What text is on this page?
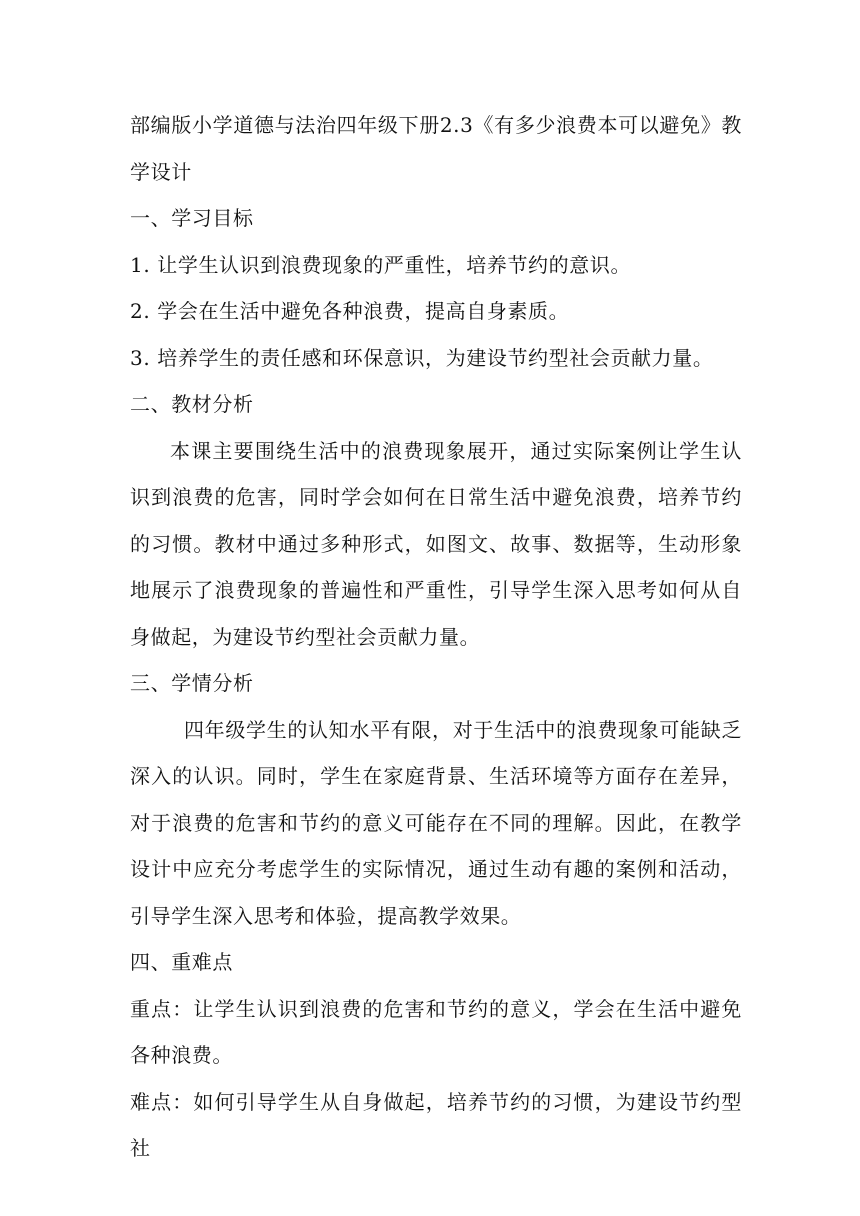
部编版小学道德与法治四年级下册2.3《有多少浪费本可以避免》教学设计

一、学习目标

1. 让学生认识到浪费现象的严重性，培养节约的意识。

2. 学会在生活中避免各种浪费，提高自身素质。

3. 培养学生的责任感和环保意识，为建设节约型社会贡献力量。

二、教材分析

本课主要围绕生活中的浪费现象展开，通过实际案例让学生认识到浪费的危害，同时学会如何在日常生活中避免浪费，培养节约的习惯。教材中通过多种形式，如图文、故事、数据等，生动形象地展示了浪费现象的普遍性和严重性，引导学生深入思考如何从自身做起，为建设节约型社会贡献力量。

三、学情分析

四年级学生的认知水平有限，对于生活中的浪费现象可能缺乏深入的认识。同时，学生在家庭背景、生活环境等方面存在差异，对于浪费的危害和节约的意义可能存在不同的理解。因此，在教学设计中应充分考虑学生的实际情况，通过生动有趣的案例和活动，引导学生深入思考和体验，提高教学效果。

四、重难点

重点：让学生认识到浪费的危害和节约的意义，学会在生活中避免各种浪费。

难点：如何引导学生从自身做起，培养节约的习惯，为建设节约型社
